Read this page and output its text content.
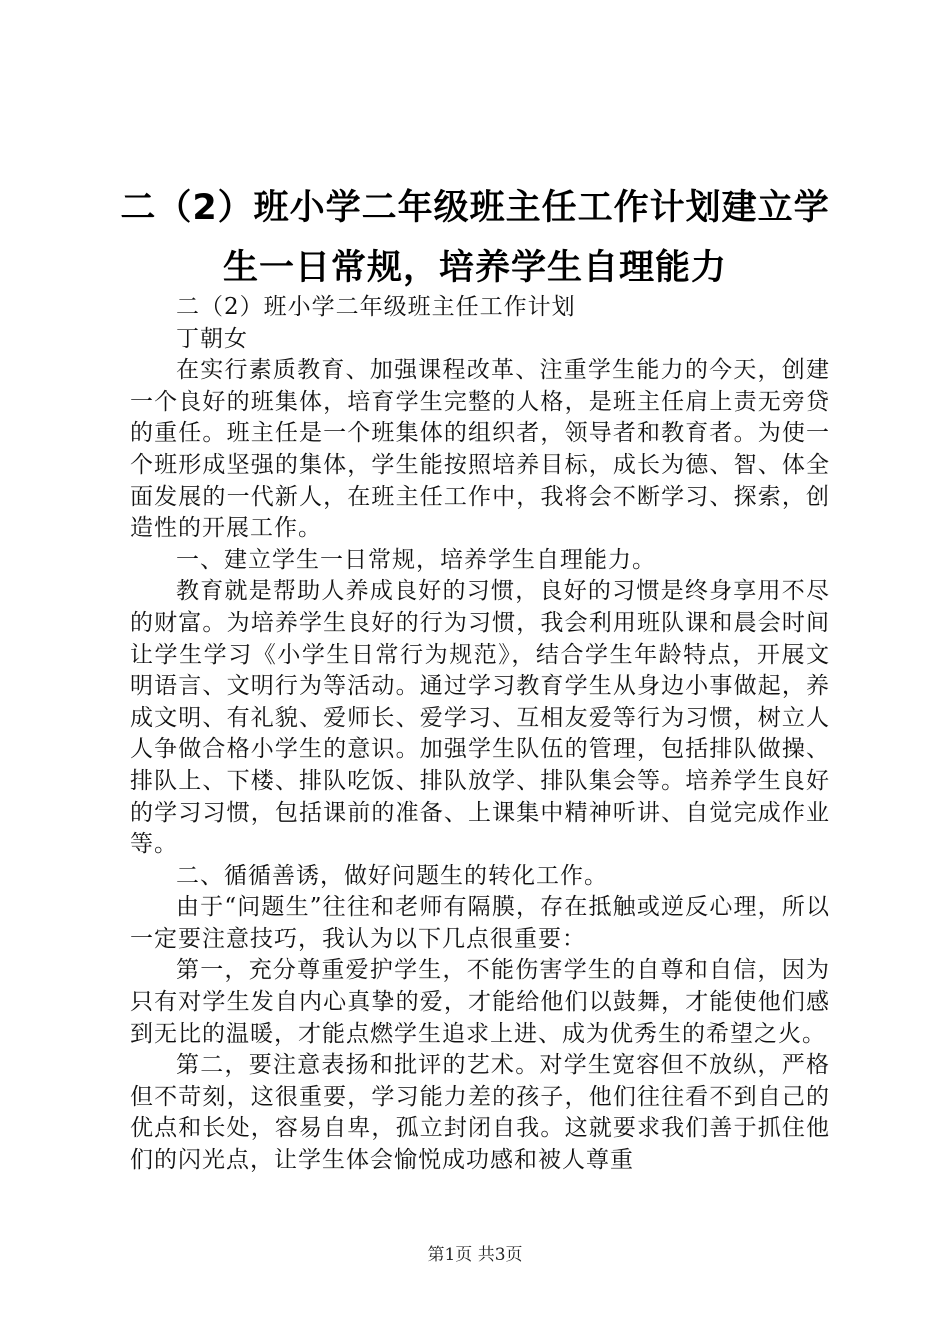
二（2）班小学二年级班主任工作计划建立学生一日常规，培养学生自理能力

二（2）班小学二年级班主任工作计划

丁朝女

在实行素质教育、加强课程改革、注重学生能力的今天，创建一个良好的班集体，培育学生完整的人格，是班主任肩上责无旁贷的重任。班主任是一个班集体的组织者，领导者和教育者。为使一个班形成坚强的集体，学生能按照培养目标，成长为德、智、体全面发展的一代新人，在班主任工作中，我将会不断学习、探索，创造性的开展工作。

一、建立学生一日常规，培养学生自理能力。

教育就是帮助人养成良好的习惯，良好的习惯是终身享用不尽的财富。为培养学生良好的行为习惯，我会利用班队课和晨会时间让学生学习《小学生日常行为规范》，结合学生年龄特点，开展文明语言、文明行为等活动。通过学习教育学生从身边小事做起，养成文明、有礼貌、爱师长、爱学习、互相友爱等行为习惯，树立人人争做合格小学生的意识。加强学生队伍的管理，包括排队做操、排队上、下楼、排队吃饭、排队放学、排队集会等。培养学生良好的学习习惯，包括课前的准备、上课集中精神听讲、自觉完成作业等。

二、循循善诱，做好问题生的转化工作。

由于“问题生”往往和老师有隔膜，存在抵触或逆反心理，所以一定要注意技巧，我认为以下几点很重要：

第一，充分尊重爱护学生，不能伤害学生的自尊和自信，因为只有对学生发自内心真挚的爱，才能给他们以鼓舞，才能使他们感到无比的温暖，才能点燃学生追求上进、成为优秀生的希望之火。

第二，要注意表扬和批评的艺术。对学生宽容但不放纵，严格但不苛刻，这很重要，学习能力差的孩子，他们往往看不到自己的优点和长处，容易自卑，孤立封闭自我。这就要求我们善于抓住他们的闪光点，让学生体会愉悦成功感和被人尊重

第1页 共3页
